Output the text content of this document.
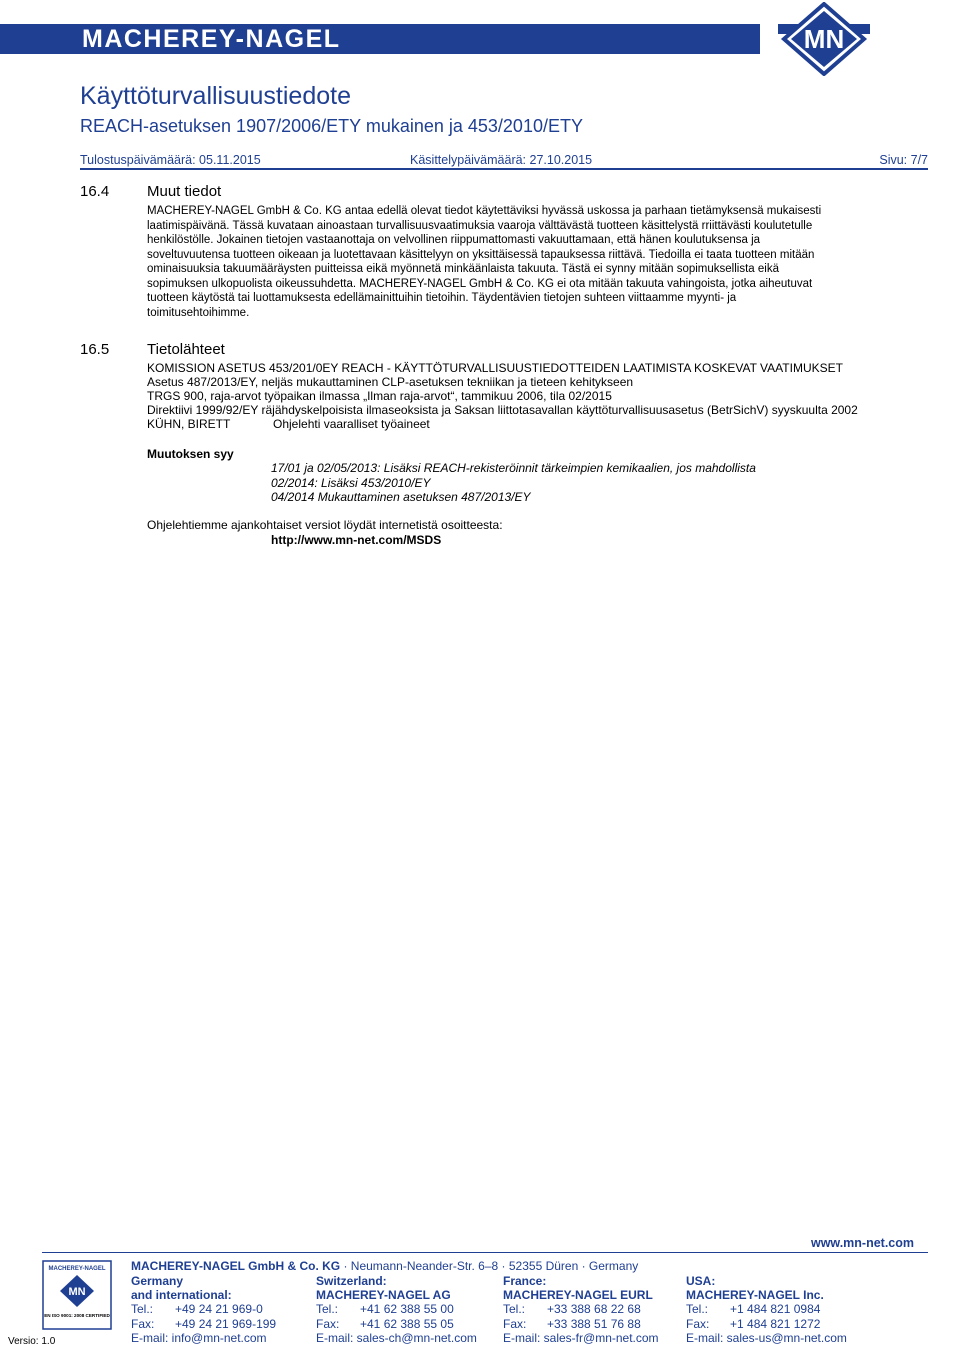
MACHEREY-NAGEL	MN
Käyttöturvallisuustiedote
REACH-asetuksen 1907/2006/ETY mukainen ja 453/2010/ETY
Tulostuspäivämäärä: 05.11.2015	Käsittelypäivämäärä: 27.10.2015	Sivu: 7/7
16.4	Muut tiedot
MACHEREY-NAGEL GmbH & Co. KG antaa edellä olevat tiedot käytettäviksi hyvässä uskossa ja parhaan tietämyksensä mukaisesti
laatimispäivänä. Tässä kuvataan ainoastaan turvallisuusvaatimuksia vaaroja välttävästä tuotteen käsittelystä rriittävästi koulutetulle
henkilöstölle. Jokainen tietojen vastaanottaja on velvollinen riippumattomasti vakuuttamaan, että hänen koulutuksensa ja
soveltuvuutensa tuotteen oikeaan ja luotettavaan käsittelyyn on yksittäisessä tapauksessa riittävä. Tiedoilla ei taata tuotteen mitään
ominaisuuksia takuumääräysten puitteissa eikä myönnetä minkäänlaista takuuta. Tästä ei synny mitään sopimuksellista eikä
sopimuksen ulkopuolista oikeussuhdetta. MACHEREY-NAGEL GmbH & Co. KG ei ota mitään takuuta vahingoista, jotka aiheutuvat
tuotteen käytöstä tai luottamuksesta edellämainittuihin tietoihin. Täydentävien tietojen suhteen viittaamme myynti- ja
toimitusehtoihimme.
16.5	Tietolähteet
KOMISSION ASETUS 453/201/0EY REACH - KÄYTTÖTURVALLISUUSTIEDOTTEIDEN LAATIMISTA KOSKEVAT VAATIMUKSET
Asetus 487/2013/EY, neljäs mukauttaminen CLP-asetuksen tekniikan ja tieteen kehitykseen
TRGS 900, raja-arvot työpaikan ilmassa „Ilman raja-arvot“, tammikuu 2006, tila 02/2015
Direktiivi 1999/92/EY räjähdyskelpoisista ilmaseoksista ja Saksan liittotasavallan käyttöturvallisuusasetus (BetrSichV) syyskuulta 2002
KÜHN, BIRETT	Ohjelehti vaaralliset työaineet
Muutoksen syy
17/01 ja 02/05/2013: Lisäksi REACH-rekisteröinnit tärkeimpien kemikaalien, jos mahdollista
02/2014: Lisäksi 453/2010/EY
04/2014 Mukauttaminen asetuksen 487/2013/EY
Ohjelehtiemme ajankohtaiset versiot löydät internetistä osoitteesta:
http://www.mn-net.com/MSDS
www.mn-net.com
MACHEREY-NAGEL
MN
EN ISO 9001: 2008 CERTIFIED
MACHEREY-NAGEL GmbH & Co. KG · Neumann-Neander-Str. 6–8 · 52355 Düren · Germany
Germany
and international:
Tel.: +49 24 21 969-0
Fax: +49 24 21 969-199
E-mail: info@mn-net.com
Switzerland:
MACHEREY-NAGEL AG
Tel.: +41 62 388 55 00
Fax: +41 62 388 55 05
E-mail: sales-ch@mn-net.com
France:
MACHEREY-NAGEL EURL
Tel.: +33 388 68 22 68
Fax: +33 388 51 76 88
E-mail: sales-fr@mn-net.com
USA:
MACHEREY-NAGEL Inc.
Tel.: +1 484 821 0984
Fax: +1 484 821 1272
E-mail: sales-us@mn-net.com
Versio: 1.0
